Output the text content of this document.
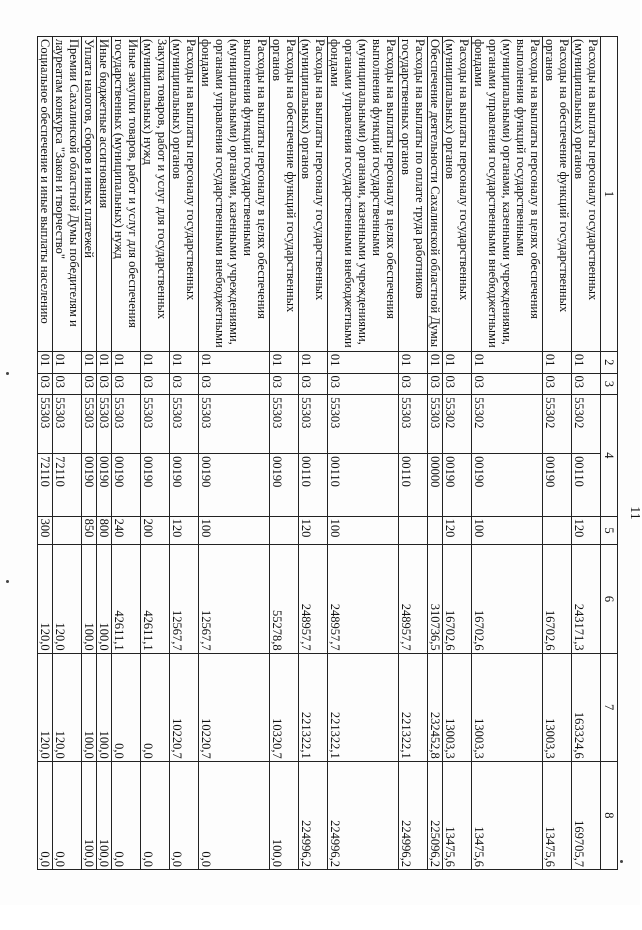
11
1	2	3	4		5	6	7	8
Расходы на выплаты персоналу государственных (муниципальных) органов	01	03	55302	00110	120	243171,3	163324,6	169705,7
Расходы на обеспечение функций государственных органов	01	03	55302	00190		16702,6	13003,3	13475,6
Расходы на выплаты персоналу в целях обеспечения выполнения функций государственными (муниципальными) органами, казенными учреждениями, органами управления государственными внебюджетными фондами	01	03	55302	00190	100	16702,6	13003,3	13475,6
Расходы на выплаты персоналу государственных (муниципальных) органов	01	03	55302	00190	120	16702,6	13003,3	13475,6
Обеспечение деятельности Сахалинской областной Думы	01	03	55303	00000		310736,5	232452,8	225096,2
Расходы на выплаты по оплате труда работников государственных органов	01	03	55303	00110		248957,7	221322,1	224996,2
Расходы на выплаты персоналу в целях обеспечения выполнения функций государственными (муниципальными) органами, казенными учреждениями, органами управления государственными внебюджетными фондами	01	03	55303	00110	100	248957,7	221322,1	224996,2
Расходы на выплаты персоналу государственных (муниципальных) органов	01	03	55303	00110	120	248957,7	221322,1	224996,2
Расходы на обеспечение функций государственных органов	01	03	55303	00190		55278,8	10320,7	100,0
Расходы на выплаты персоналу в целях обеспечения выполнения функций государственными (муниципальными) органами, казенными учреждениями, органами управления государственными внебюджетными фондами	01	03	55303	00190	100	12567,7	10220,7	0,0
Расходы на выплаты персоналу государственных (муниципальных) органов	01	03	55303	00190	120	12567,7	10220,7	0,0
Закупка товаров, работ и услуг для государственных (муниципальных) нужд	01	03	55303	00190	200	42611,1	0,0	0,0
Иные закупки товаров, работ и услуг для обеспечения государственных (муниципальных) нужд	01	03	55303	00190	240	42611,1	0,0	0,0
Иные бюджетные ассигнования	01	03	55303	00190	800	100,0	100,0	100,0
Уплата налогов, сборов и иных платежей	01	03	55303	00190	850	100,0	100,0	100,0
Премии Сахалинской областной Думы победителям и лауреатам конкурса "Закон и творчество"	01	03	55303	72110		120,0	120,0	0,0
Социальное обеспечение и иные выплаты населению	01	03	55303	72110	300	120,0	120,0	0,0
